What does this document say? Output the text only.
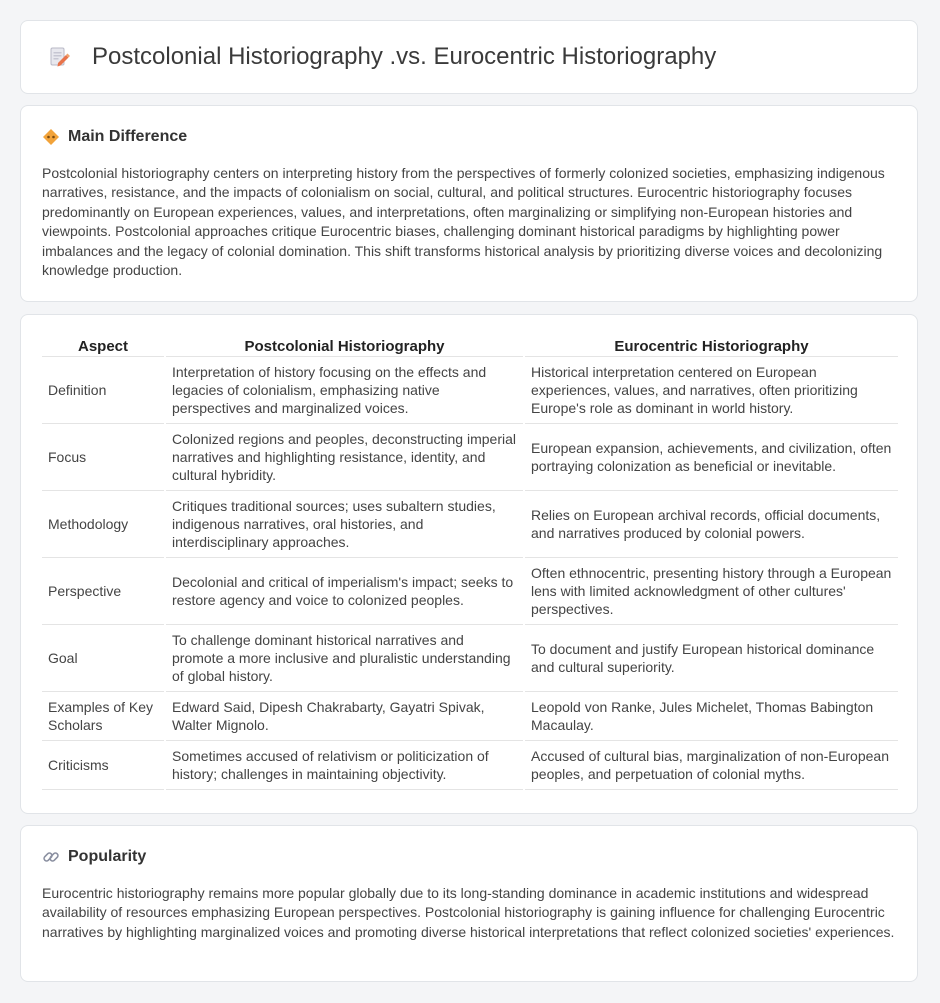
Postcolonial Historiography .vs. Eurocentric Historiography
Main Difference

Postcolonial historiography centers on interpreting history from the perspectives of formerly colonized societies, emphasizing indigenous narratives, resistance, and the impacts of colonialism on social, cultural, and political structures. Eurocentric historiography focuses predominantly on European experiences, values, and interpretations, often marginalizing or simplifying non-European histories and viewpoints. Postcolonial approaches critique Eurocentric biases, challenging dominant historical paradigms by highlighting power imbalances and the legacy of colonial domination. This shift transforms historical analysis by prioritizing diverse voices and decolonizing knowledge production.

Aspect	Postcolonial Historiography	Eurocentric Historiography
Definition	Interpretation of history focusing on the effects and legacies of colonialism, emphasizing native perspectives and marginalized voices.	Historical interpretation centered on European experiences, values, and narratives, often prioritizing Europe's role as dominant in world history.
Focus	Colonized regions and peoples, deconstructing imperial narratives and highlighting resistance, identity, and cultural hybridity.	European expansion, achievements, and civilization, often portraying colonization as beneficial or inevitable.
Methodology	Critiques traditional sources; uses subaltern studies, indigenous narratives, oral histories, and interdisciplinary approaches.	Relies on European archival records, official documents, and narratives produced by colonial powers.
Perspective	Decolonial and critical of imperialism's impact; seeks to restore agency and voice to colonized peoples.	Often ethnocentric, presenting history through a European lens with limited acknowledgment of other cultures' perspectives.
Goal	To challenge dominant historical narratives and promote a more inclusive and pluralistic understanding of global history.	To document and justify European historical dominance and cultural superiority.
Examples of Key Scholars	Edward Said, Dipesh Chakrabarty, Gayatri Spivak, Walter Mignolo.	Leopold von Ranke, Jules Michelet, Thomas Babington Macaulay.
Criticisms	Sometimes accused of relativism or politicization of history; challenges in maintaining objectivity.	Accused of cultural bias, marginalization of non-European peoples, and perpetuation of colonial myths.
Popularity

Eurocentric historiography remains more popular globally due to its long-standing dominance in academic institutions and widespread availability of resources emphasizing European perspectives. Postcolonial historiography is gaining influence for challenging Eurocentric narratives by highlighting marginalized voices and promoting diverse historical interpretations that reflect colonized societies' experiences.
